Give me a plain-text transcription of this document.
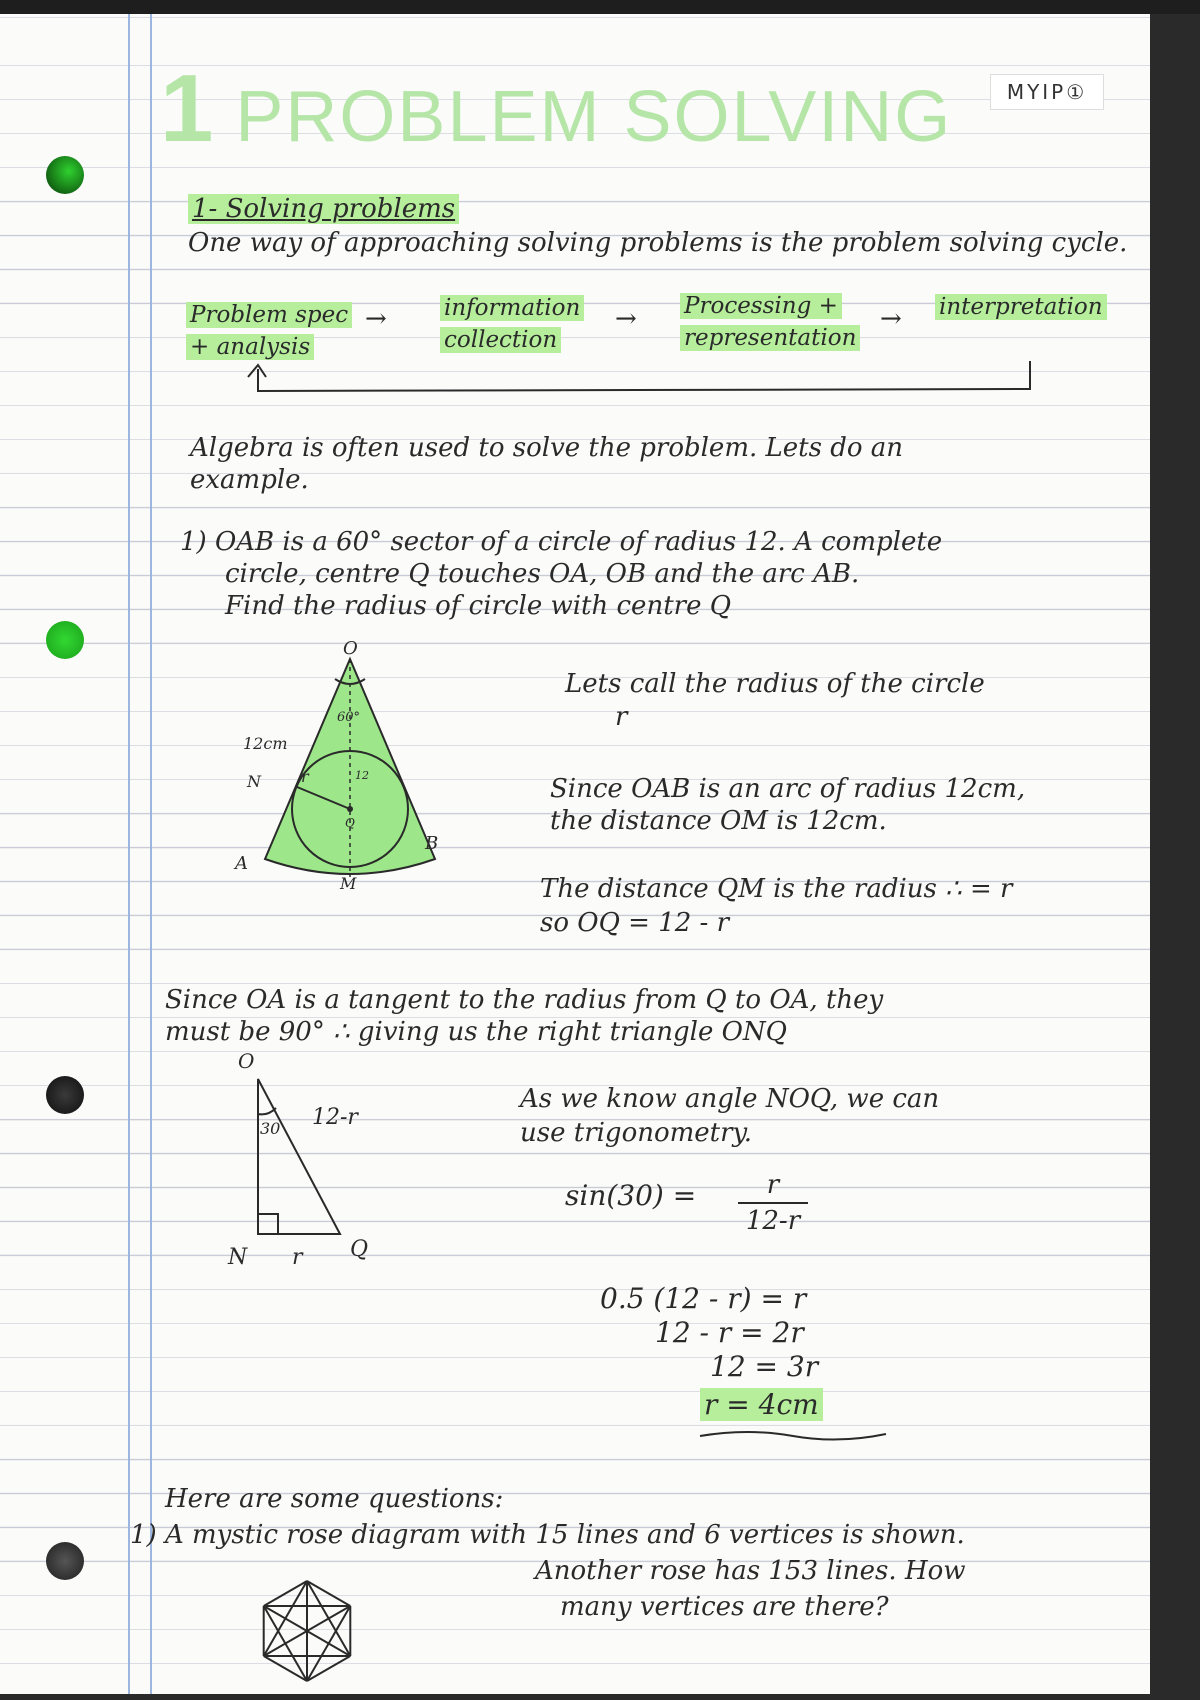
1 PROBLEM SOLVING	MYIP①
1- Solving problems
One way of approaching solving problems is the problem solving cycle.
Problem spec
+ analysis
→ information
collection
→ Processing +
representation
→ interpretation
Algebra is often used to solve the problem. Lets do an
example.
1) OAB is a 60° sector of a circle of radius 12. A complete
circle, centre Q touches OA, OB and the arc AB.
Find the radius of circle with centre Q
O
60°
12cm
N	r	12
Q
A
B
M
Lets call the radius of the circle
r
Since OAB is an arc of radius 12cm,
the distance OM is 12cm.
The distance QM is the radius ∴ = r
so OQ = 12 - r
Since OA is a tangent to the radius from Q to OA, they
must be 90° ∴ giving us the right triangle ONQ
O
30 12-r
N r Q
As we know angle NOQ, we can
use trigonometry.
sin(30) =	r
12-r
0.5 (12 - r) = r
12 - r = 2r
12 = 3r
r = 4cm
Here are some questions:
1) A mystic rose diagram with 15 lines and 6 vertices is shown.
Another rose has 153 lines. How
many vertices are there?
